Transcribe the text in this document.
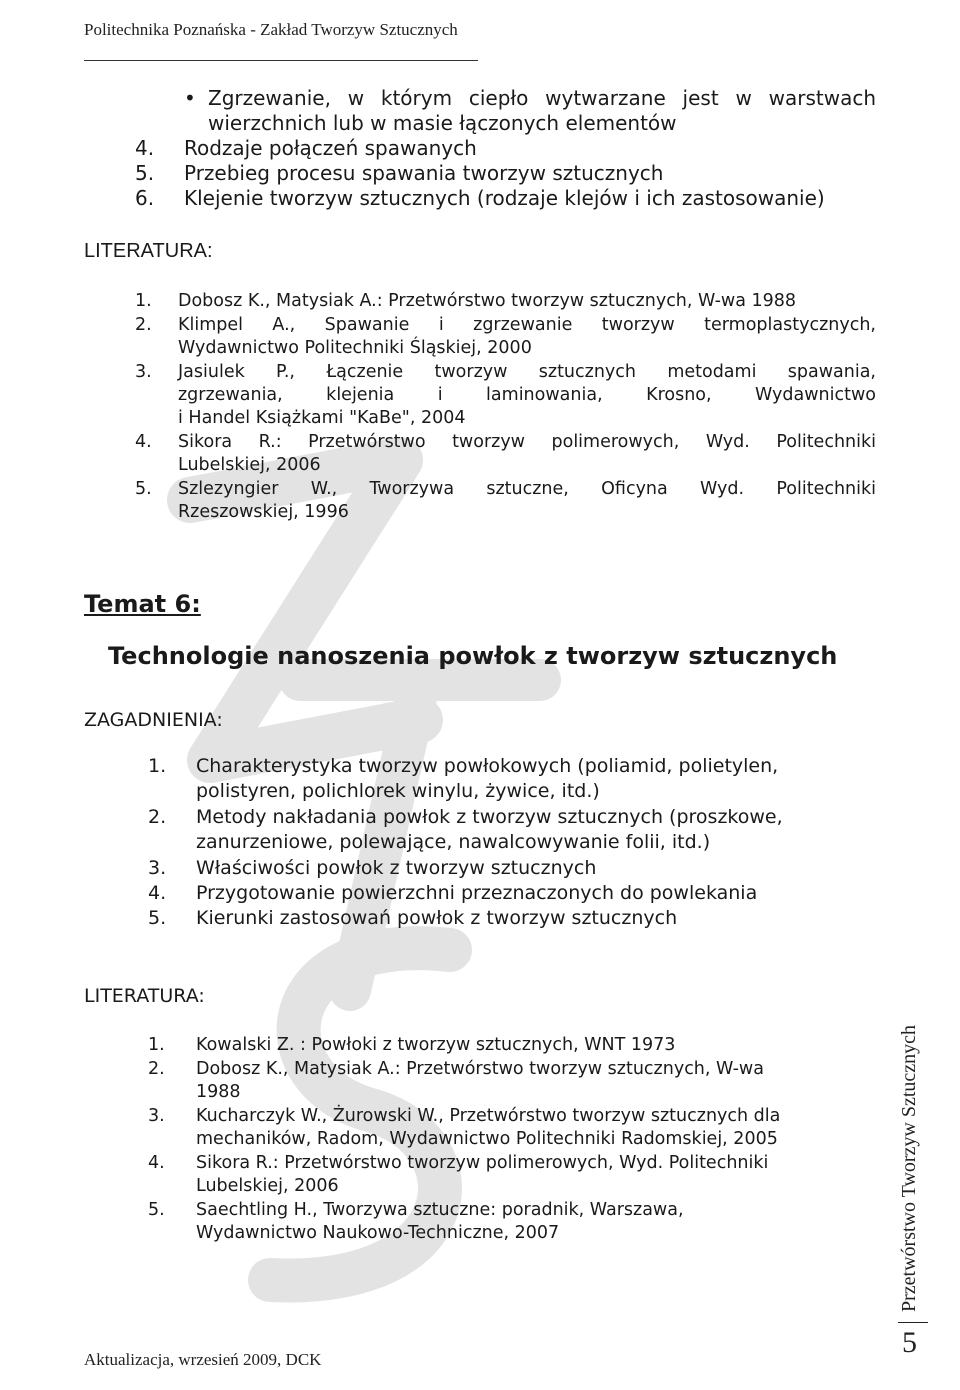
Politechnika Poznańska - Zakład Tworzyw Sztucznych
• Zgrzewanie, w którym ciepło wytwarzane jest w warstwach
wierzchnich lub w masie łączonych elementów
4. Rodzaje połączeń spawanych
5. Przebieg procesu spawania tworzyw sztucznych
6. Klejenie tworzyw sztucznych (rodzaje klejów i ich zastosowanie)
LITERATURA:
1. Dobosz K., Matysiak A.: Przetwórstwo tworzyw sztucznych, W-wa 1988
2. Klimpel A., Spawanie i zgrzewanie tworzyw termoplastycznych,
Wydawnictwo Politechniki Śląskiej, 2000
3. Jasiulek P., Łączenie tworzyw sztucznych metodami spawania,
zgrzewania, klejenia i laminowania, Krosno, Wydawnictwo
i Handel Książkami "KaBe", 2004
4. Sikora R.: Przetwórstwo tworzyw polimerowych, Wyd. Politechniki
Lubelskiej, 2006
5. Szlezyngier W., Tworzywa sztuczne, Oficyna Wyd. Politechniki
Rzeszowskiej, 1996
Temat 6:
Technologie nanoszenia powłok z tworzyw sztucznych
ZAGADNIENIA:
1. Charakterystyka tworzyw powłokowych (poliamid, polietylen,
polistyren, polichlorek winylu, żywice, itd.)
2. Metody nakładania powłok z tworzyw sztucznych (proszkowe,
zanurzeniowe, polewające, nawalcowywanie folii, itd.)
3. Właściwości powłok z tworzyw sztucznych
4. Przygotowanie powierzchni przeznaczonych do powlekania
5. Kierunki zastosowań powłok z tworzyw sztucznych
LITERATURA:
1. Kowalski Z. : Powłoki z tworzyw sztucznych, WNT 1973
2. Dobosz K., Matysiak A.: Przetwórstwo tworzyw sztucznych, W-wa
1988
3. Kucharczyk W., Żurowski W., Przetwórstwo tworzyw sztucznych dla
mechaników, Radom, Wydawnictwo Politechniki Radomskiej, 2005
4. Sikora R.: Przetwórstwo tworzyw polimerowych, Wyd. Politechniki
Lubelskiej, 2006
5. Saechtling H., Tworzywa sztuczne: poradnik, Warszawa,
Wydawnictwo Naukowo-Techniczne, 2007	Przetwórstwo Tworzyw Sztucznych
5
Aktualizacja, wrzesień 2009, DCK
